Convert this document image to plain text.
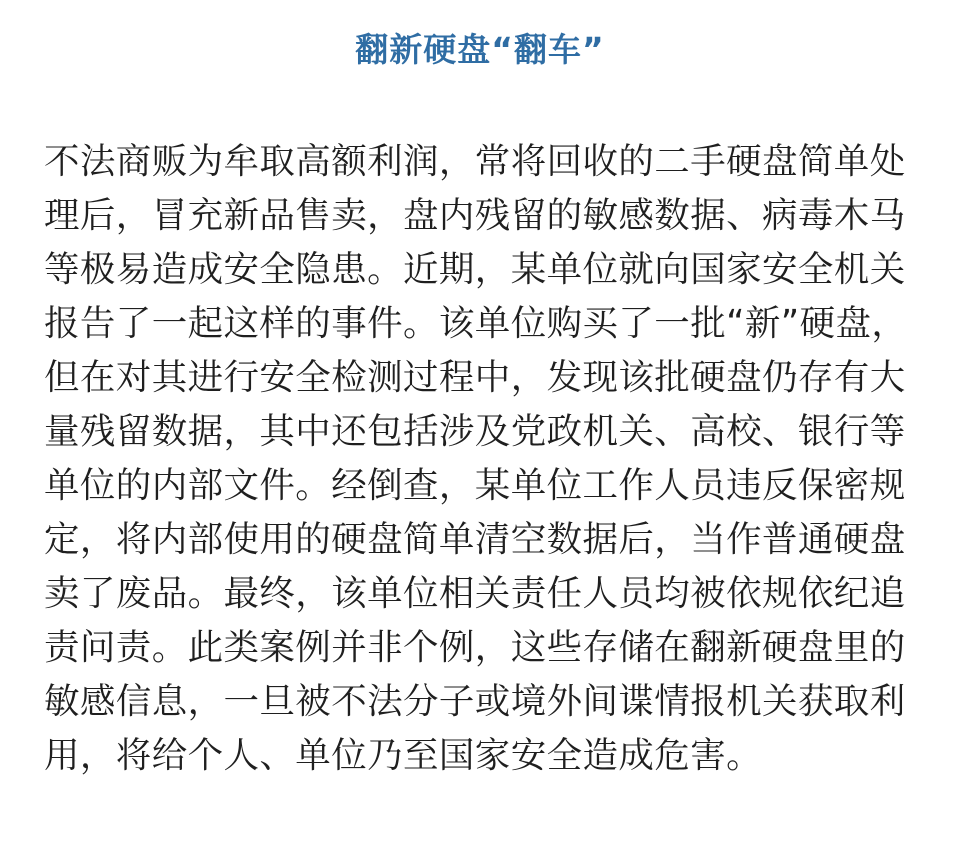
翻新硬盘“翻车”
不法商贩为牟取高额利润，常将回收的二手硬盘简单处
理后，冒充新品售卖，盘内残留的敏感数据、病毒木马
等极易造成安全隐患。近期，某单位就向国家安全机关
报告了一起这样的事件。该单位购买了一批“新”硬盘，
但在对其进行安全检测过程中，发现该批硬盘仍存有大
量残留数据，其中还包括涉及党政机关、高校、银行等
单位的内部文件。经倒查，某单位工作人员违反保密规
定，将内部使用的硬盘简单清空数据后，当作普通硬盘
卖了废品。最终，该单位相关责任人员均被依规依纪追
责问责。此类案例并非个例，这些存储在翻新硬盘里的
敏感信息，一旦被不法分子或境外间谍情报机关获取利
用，将给个人、单位乃至国家安全造成危害。
